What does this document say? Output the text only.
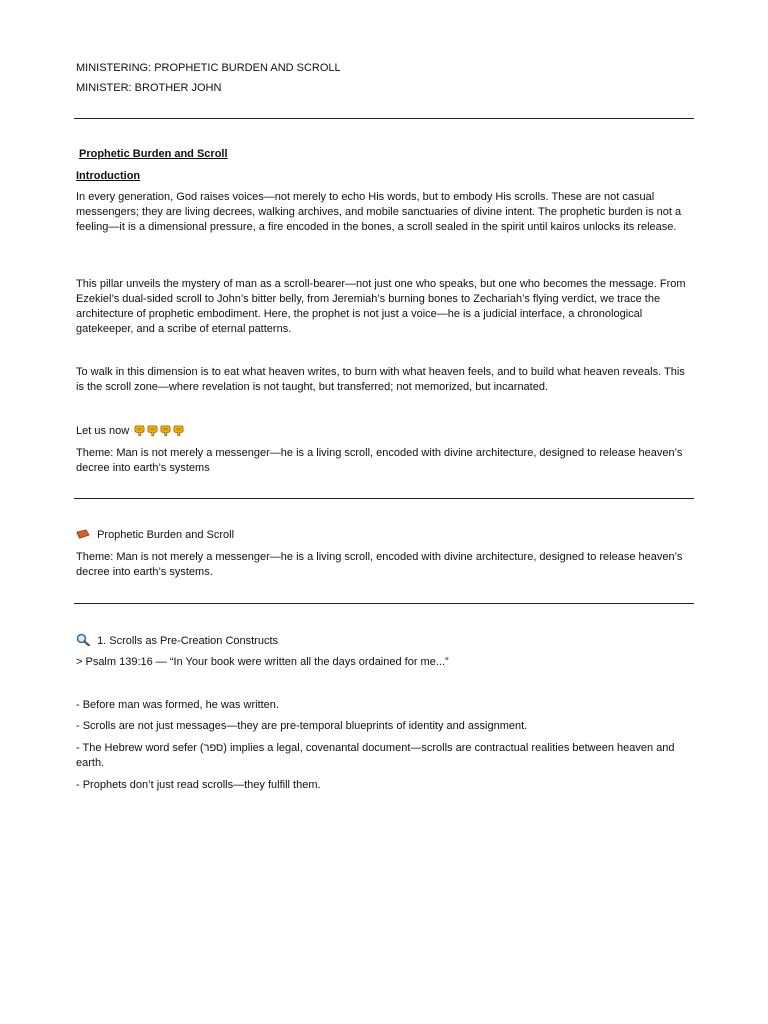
MINISTERING: PROPHETIC BURDEN AND SCROLL
MINISTER: BROTHER JOHN
Prophetic Burden and Scroll
Introduction
In every generation, God raises voices—not merely to echo His words, but to embody His scrolls. These are not casual messengers; they are living decrees, walking archives, and mobile sanctuaries of divine intent. The prophetic burden is not a feeling—it is a dimensional pressure, a fire encoded in the bones, a scroll sealed in the spirit until kairos unlocks its release.
This pillar unveils the mystery of man as a scroll-bearer—not just one who speaks, but one who becomes the message. From Ezekiel’s dual-sided scroll to John’s bitter belly, from Jeremiah’s burning bones to Zechariah’s flying verdict, we trace the architecture of prophetic embodiment. Here, the prophet is not just a voice—he is a judicial interface, a chronological gatekeeper, and a scribe of eternal patterns.
To walk in this dimension is to eat what heaven writes, to burn with what heaven feels, and to build what heaven reveals. This is the scroll zone—where revelation is not taught, but transferred; not memorized, but incarnated.
Let us now
Theme: Man is not merely a messenger—he is a living scroll, encoded with divine architecture, designed to release heaven’s decree into earth’s systems
Prophetic Burden and Scroll
Theme: Man is not merely a messenger—he is a living scroll, encoded with divine architecture, designed to release heaven’s decree into earth’s systems.
1. Scrolls as Pre-Creation Constructs
> Psalm 139:16 — “In Your book were written all the days ordained for me...”
- Before man was formed, he was written.
- Scrolls are not just messages—they are pre-temporal blueprints of identity and assignment.
- The Hebrew word sefer (ספר) implies a legal, covenantal document—scrolls are contractual realities between heaven and earth.
- Prophets don’t just read scrolls—they fulfill them.
